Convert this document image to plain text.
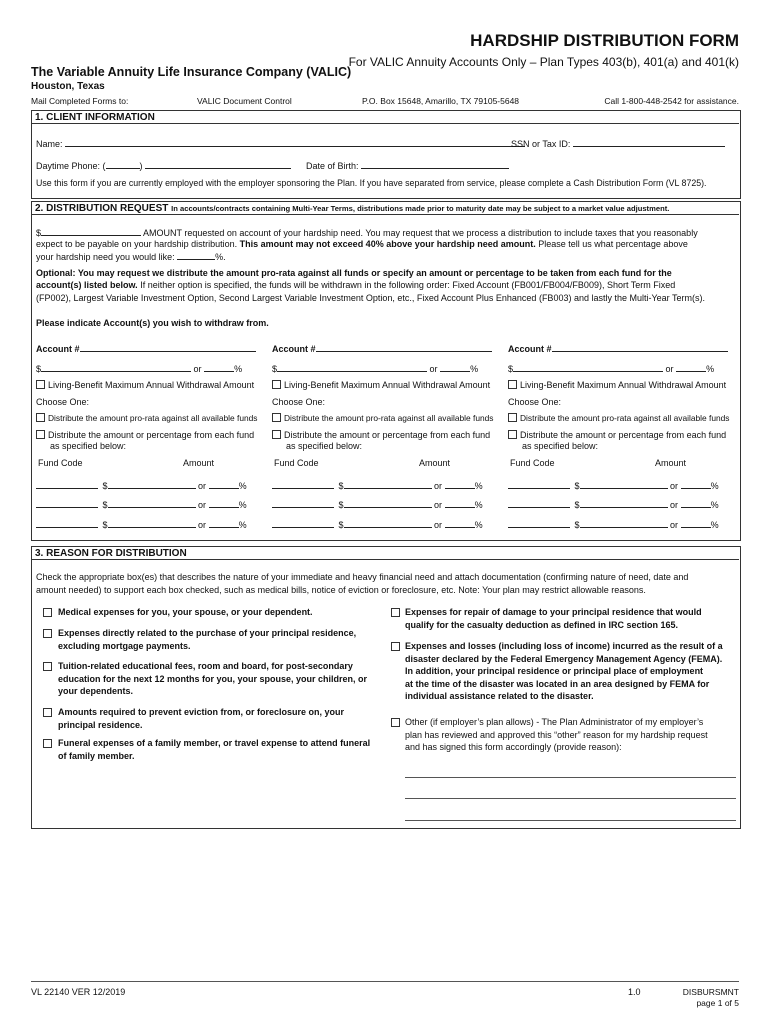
HARDSHIP DISTRIBUTION FORM
For VALIC Annuity Accounts Only – Plan Types 403(b), 401(a) and 401(k)
The Variable Annuity Life Insurance Company (VALIC)
Houston, Texas
Mail Completed Forms to:	VALIC Document Control	P.O. Box 15648, Amarillo, TX 79105-5648	Call 1-800-448-2542 for assistance.
1. CLIENT INFORMATION
Name:	SSN or Tax ID:
Daytime Phone: (	)	Date of Birth:
Use this form if you are currently employed with the employer sponsoring the Plan. If you have separated from service, please complete a Cash Distribution Form (VL 8725).
2. DISTRIBUTION REQUEST In accounts/contracts containing Multi-Year Terms, distributions made prior to maturity date may be subject to a market value adjustment.
$	AMOUNT requested on account of your hardship need. You may request that we process a distribution to include taxes that you reasonably
expect to be payable on your hardship distribution. This amount may not exceed 40% above your hardship need amount. Please tell us what percentage above
your hardship need you would like:	%.
Optional: You may request we distribute the amount pro-rata against all funds or specify an amount or percentage to be taken from each fund for the
account(s) listed below. If neither option is specified, the funds will be withdrawn in the following order: Fixed Account (FB001/FB004/FB009), Short Term Fixed
(FP002), Largest Variable Investment Option, Second Largest Variable Investment Option, etc., Fixed Account Plus Enhanced (FB003) and lastly the Multi-Year Term(s).
Please indicate Account(s) you wish to withdraw from.
Account #
$	or	%
Living-Benefit Maximum Annual Withdrawal Amount
Choose One:
Distribute the amount pro-rata against all available funds
Distribute the amount or percentage from each fund
as specified below:
Fund Code	Amount
$	or	%
$	or	%
$	or	%
Account #
$	or	%
Living-Benefit Maximum Annual Withdrawal Amount
Choose One:
Distribute the amount pro-rata against all available funds
Distribute the amount or percentage from each fund
as specified below:
Fund Code	Amount
$	or	%
$	or	%
$	or	%
Account #
$	or	%
Living-Benefit Maximum Annual Withdrawal Amount
Choose One:
Distribute the amount pro-rata against all available funds
Distribute the amount or percentage from each fund
as specified below:
Fund Code	Amount
$	or	%
$	or	%
$	or	%
3. REASON FOR DISTRIBUTION
Check the appropriate box(es) that describes the nature of your immediate and heavy financial need and attach documentation (confirming nature of need, date and
amount needed) to support each box checked, such as medical bills, notice of eviction or foreclosure, etc. Note: Your plan may restrict allowable reasons.
Medical expenses for you, your spouse, or your dependent.
Expenses directly related to the purchase of your principal residence,
excluding mortgage payments.
Tuition-related educational fees, room and board, for post-secondary
education for the next 12 months for you, your spouse, your children, or
your dependents.
Amounts required to prevent eviction from, or foreclosure on, your
principal residence.
Funeral expenses of a family member, or travel expense to attend funeral
of family member.
Expenses for repair of damage to your principal residence that would
qualify for the casualty deduction as defined in IRC section 165.
Expenses and losses (including loss of income) incurred as the result of a
disaster declared by the Federal Emergency Management Agency (FEMA).
In addition, your principal residence or principal place of employment
at the time of the disaster was located in an area designed by FEMA for
individual assistance related to the disaster.
Other (if employer’s plan allows) - The Plan Administrator of my employer’s
plan has reviewed and approved this “other” reason for my hardship request
and has signed this form accordingly (provide reason):
VL 22140 VER 12/2019	1.0	DISBURSMNT
page 1 of 5
